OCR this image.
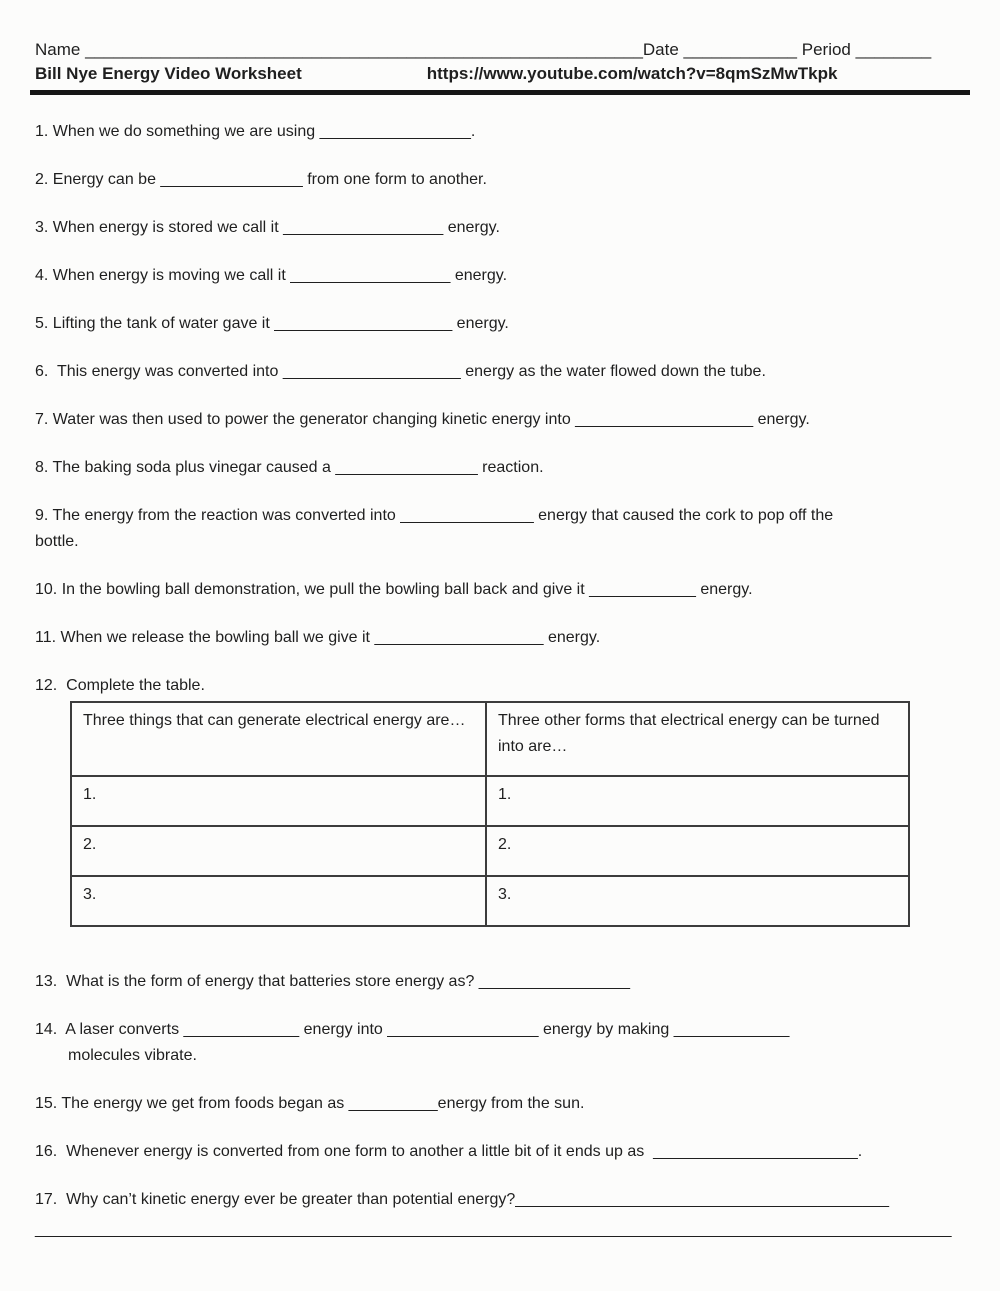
Name ___________________________________________________________Date ____________ Period ________
Bill Nye Energy Video Worksheet	https://www.youtube.com/watch?v=8qmSzMwTkpk

1. When we do something we are using _________________.

2. Energy can be ________________ from one form to another.

3. When energy is stored we call it __________________ energy.

4. When energy is moving we call it __________________ energy.

5. Lifting the tank of water gave it ____________________ energy.

6.  This energy was converted into ____________________ energy as the water flowed down the tube.

7. Water was then used to power the generator changing kinetic energy into ____________________ energy.

8. The baking soda plus vinegar caused a ________________ reaction.

9. The energy from the reaction was converted into _______________ energy that caused the cork to pop off the
bottle.

10. In the bowling ball demonstration, we pull the bowling ball back and give it ____________ energy.

11. When we release the bowling ball we give it ___________________ energy.

12.  Complete the table.

Three things that can generate electrical energy are…	Three other forms that electrical energy can be turned into are…
1.	1.
2.	2.
3.	3.

13.  What is the form of energy that batteries store energy as? _________________

14.  A laser converts _____________ energy into _________________ energy by making _____________
molecules vibrate.

15. The energy we get from foods began as __________energy from the sun.

16.  Whenever energy is converted from one form to another a little bit of it ends up as  _______________________.

17.  Why can’t kinetic energy ever be greater than potential energy?__________________________________________
_______________________________________________________________________________________________________
